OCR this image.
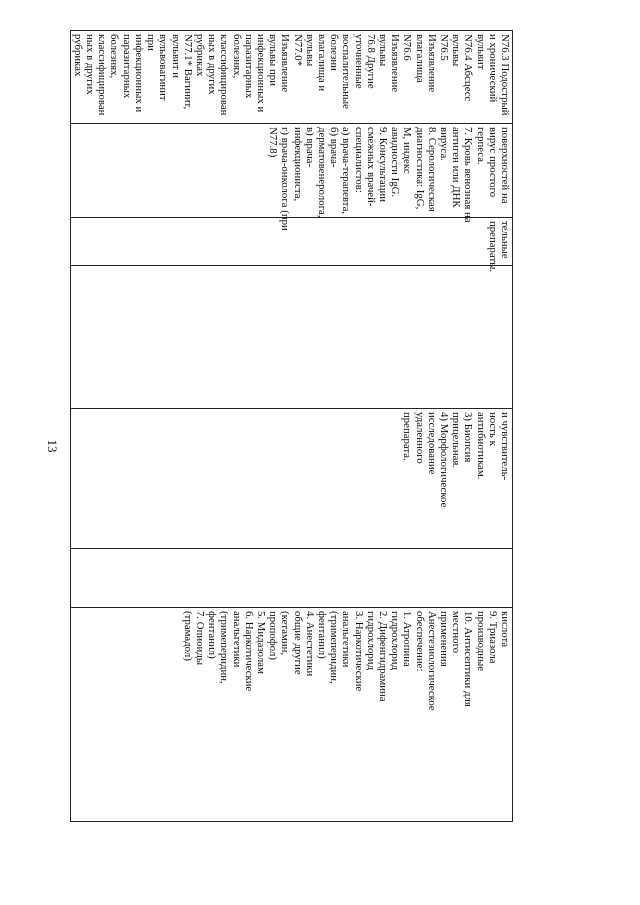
13
N76.3 Подострый
и хронический
вульвит
N76.4 Абсцесс
вульвы
N76.5
Изъязвление
влагалища
N76.6
Изъязвление
вульвы
76.8 Другие
уточненные
воспалительные
болезни
влагалища и
вульвы
N77.0*
Изъязвление
вульвы при
инфекционных и
паразитарных
болезнях,
классифицирован
ных в других
рубриках
N77.1* Вагинит,
вульвит и
вульвовагинит
при
инфекционных и
паразитарных
болезнях,
классифицирован
ных в других
рубриках

поверхностей на
вирус простого
герпеса.
7. Кровь венозная на
антиген или ДНК
вируса.
8. Серологическая
диагностика: IgG,
М, индекс
авидности IgG.
9. Консультации
смежных врачей-
специалистов:
а) врача-терапевта,
б) врача-
дерматовенеролога,
в) врача-
инфекциониста,
г) врача-онколога (при
N77.8)

тельные
препараты.

и чувствитель-
ность к
антибиотикам.
3) Биопсия
прицельная.
4) Морфологическое
исследование
удаленного
препарата.

кислота
9. Триазола
производные
10. Антисептики для
местного
применения
Анестезиологическое
обеспечение:
1. Атропина
гидрохлорид
2. Дифенгидрамина
гидрохлорид
3. Наркотические
анальгетики
(тримеперидин,
фентанил)
4. Анестетики
общие другие
(кетамин,
пропофол)
5. Мидазолам
6. Наркотические
анальгетики
(тримеперидин,
фентанил)
7. Опиоиды
(трамадол)
